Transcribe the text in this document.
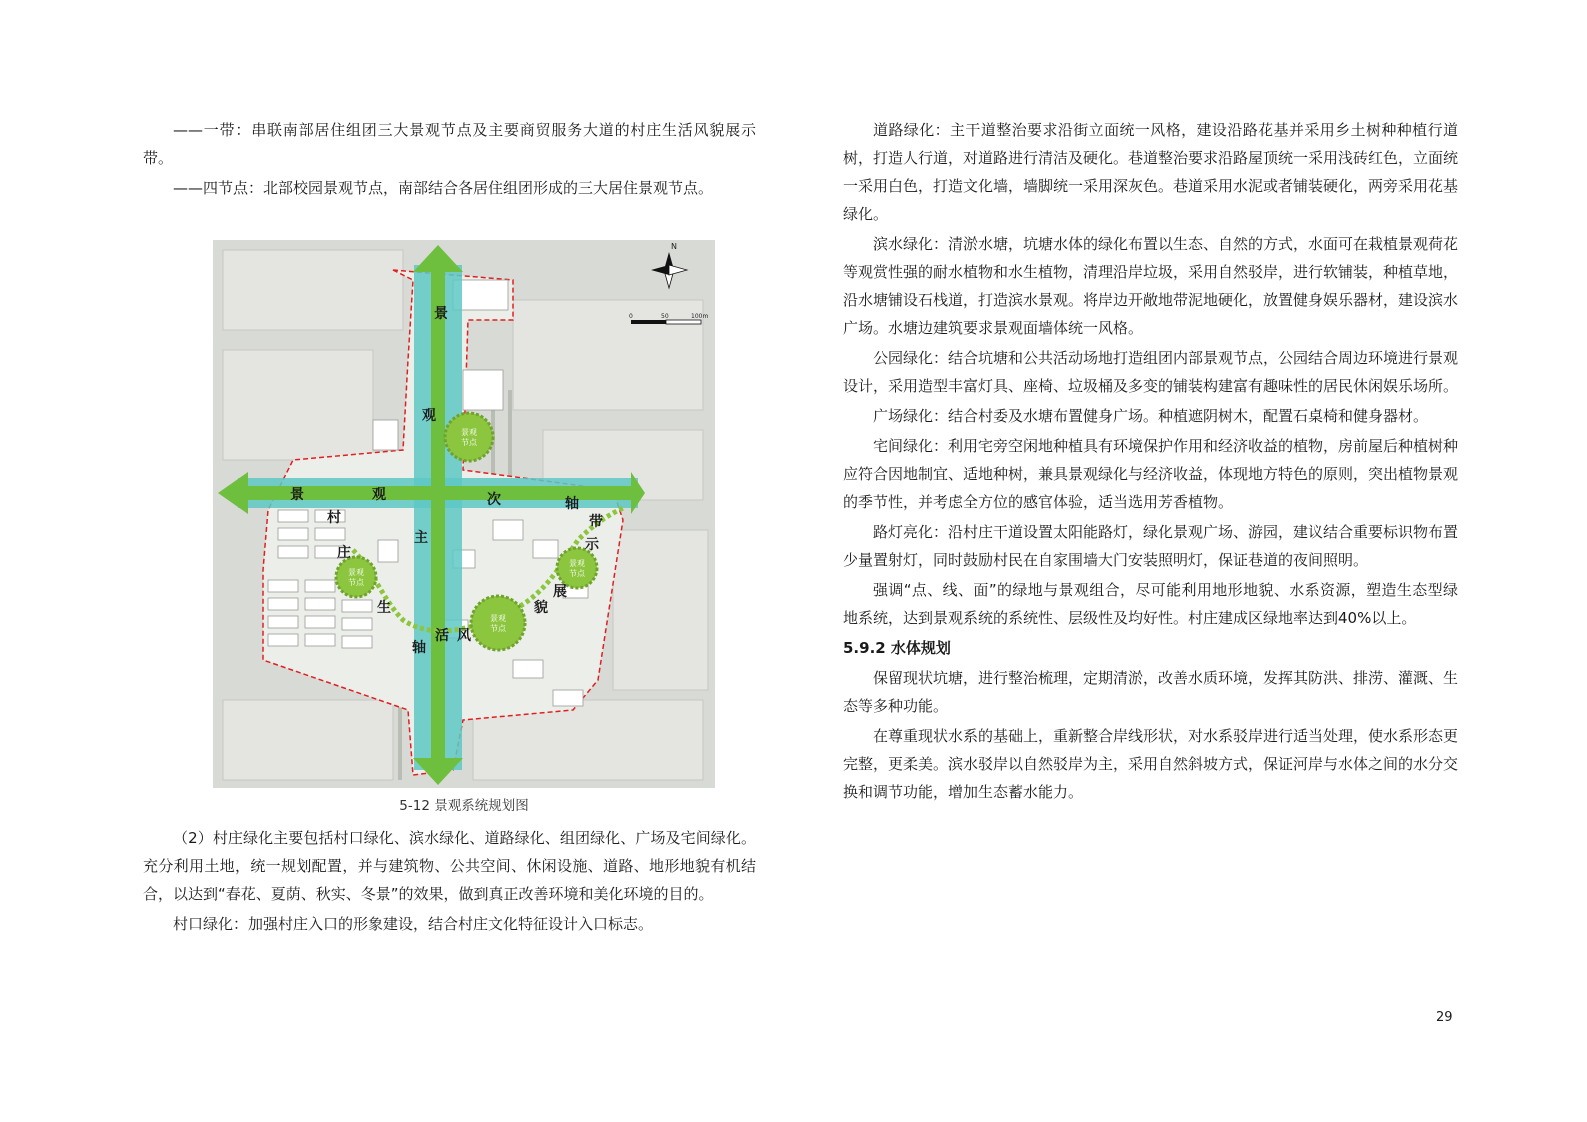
——一带：串联南部居住组团三大景观节点及主要商贸服务大道的村庄生活风貌展示带。

——四节点：北部校园景观节点，南部结合各居住组团形成的三大居住景观节点。

景观
节点
景观
节点
景观
节点
景观
节点
景
观
主
轴
景	观	次	轴
村
庄
生
活 风
貌
展
示
带
N
0	50	100m
5-12 景观系统规划图

（2）村庄绿化主要包括村口绿化、滨水绿化、道路绿化、组团绿化、广场及宅间绿化。充分利用土地，统一规划配置，并与建筑物、公共空间、休闲设施、道路、地形地貌有机结合，以达到“春花、夏荫、秋实、冬景”的效果，做到真正改善环境和美化环境的目的。

村口绿化：加强村庄入口的形象建设，结合村庄文化特征设计入口标志。

道路绿化：主干道整治要求沿街立面统一风格，建设沿路花基并采用乡土树种种植行道树，打造人行道，对道路进行清洁及硬化。巷道整治要求沿路屋顶统一采用浅砖红色，立面统一采用白色，打造文化墙，墙脚统一采用深灰色。巷道采用水泥或者铺装硬化，两旁采用花基绿化。

滨水绿化：清淤水塘，坑塘水体的绿化布置以生态、自然的方式，水面可在栽植景观荷花等观赏性强的耐水植物和水生植物，清理沿岸垃圾，采用自然驳岸，进行软铺装，种植草地，沿水塘铺设石栈道，打造滨水景观。将岸边开敞地带泥地硬化，放置健身娱乐器材，建设滨水广场。水塘边建筑要求景观面墙体统一风格。

公园绿化：结合坑塘和公共活动场地打造组团内部景观节点，公园结合周边环境进行景观设计，采用造型丰富灯具、座椅、垃圾桶及多变的铺装构建富有趣味性的居民休闲娱乐场所。

广场绿化：结合村委及水塘布置健身广场。种植遮阴树木，配置石桌椅和健身器材。

宅间绿化：利用宅旁空闲地种植具有环境保护作用和经济收益的植物，房前屋后种植树种应符合因地制宜、适地种树，兼具景观绿化与经济收益，体现地方特色的原则，突出植物景观的季节性，并考虑全方位的感官体验，适当选用芳香植物。

路灯亮化：沿村庄干道设置太阳能路灯，绿化景观广场、游园，建议结合重要标识物布置少量置射灯，同时鼓励村民在自家围墙大门安装照明灯，保证巷道的夜间照明。

强调“点、线、面”的绿地与景观组合，尽可能利用地形地貌、水系资源，塑造生态型绿地系统，达到景观系统的系统性、层级性及均好性。村庄建成区绿地率达到40%以上。

5.9.2 水体规划

保留现状坑塘，进行整治梳理，定期清淤，改善水质环境，发挥其防洪、排涝、灌溉、生态等多种功能。

在尊重现状水系的基础上，重新整合岸线形状，对水系驳岸进行适当处理，使水系形态更完整，更柔美。滨水驳岸以自然驳岸为主，采用自然斜坡方式，保证河岸与水体之间的水分交换和调节功能，增加生态蓄水能力。

29
